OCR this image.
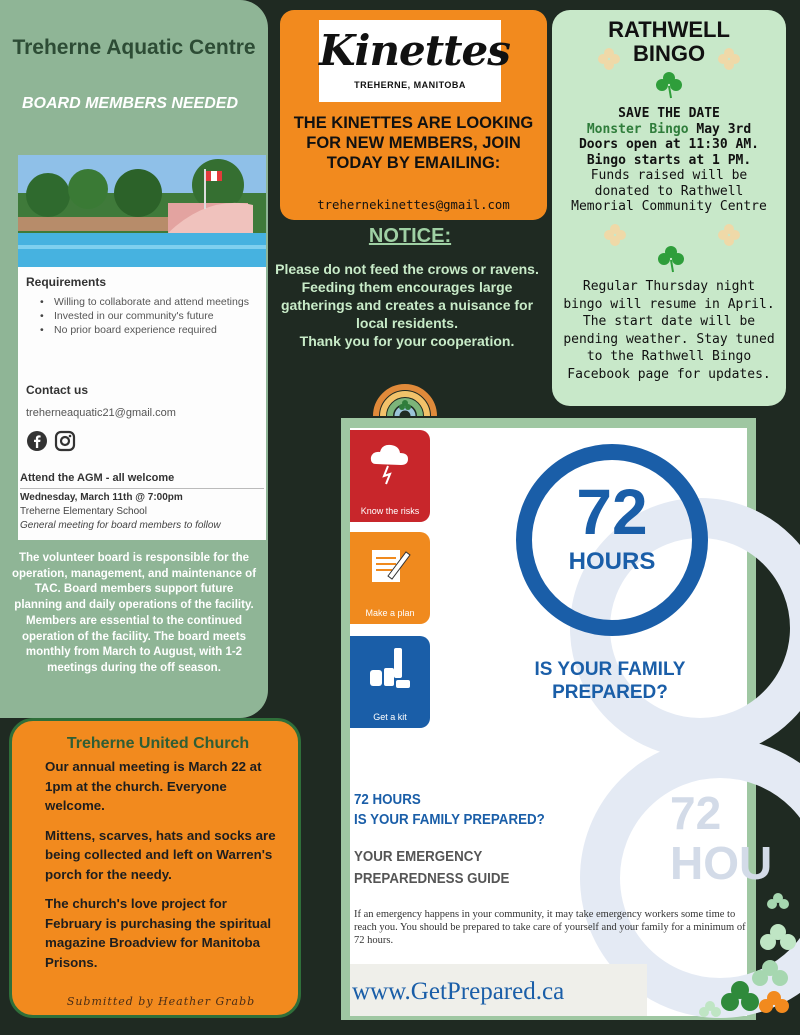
Treherne Aquatic Centre
BOARD MEMBERS NEEDED
Requirements
• Willing to collaborate and attend meetings
• Invested in our community's future
• No prior board experience required
Contact us
treherneaquatic21@gmail.com
Attend the AGM - all welcome
Wednesday, March 11th @ 7:00pm
Treherne Elementary School
General meeting for board members to follow
The volunteer board is responsible for the operation, management, and maintenance of TAC. Board members support future planning and daily operations of the facility. Members are essential to the continued operation of the facility. The board meets monthly from March to August, with 1-2 meetings during the off season.
Treherne United Church

Our annual meeting is March 22 at 1pm at the church. Everyone welcome.

Mittens, scarves, hats and socks are being collected and left on Warren's porch for the needy.

The church's love project for February is purchasing the spiritual magazine Broadview for Manitoba Prisons.

Submitted by Heather Grabb
Kinettes
TREHERNE, MANITOBA
THE KINETTES ARE LOOKING FOR NEW MEMBERS, JOIN TODAY BY EMAILING:
trehernekinettes@gmail.com
NOTICE:
Please do not feed the crows or ravens.
Feeding them encourages large gatherings and creates a nuisance for local residents.
Thank you for your cooperation.
RATHWELL BINGO
SAVE THE DATE
Monster Bingo May 3rd
Doors open at 11:30 AM.
Bingo starts at 1 PM.
Funds raised will be donated to Rathwell Memorial Community Centre
Regular Thursday night bingo will resume in April. The start date will be pending weather. Stay tuned to the Rathwell Bingo Facebook page for updates.
72 HOU
Know the risks
Make a plan
Get a kit
72
HOURS
IS YOUR FAMILY PREPARED?
72 HOURS
IS YOUR FAMILY PREPARED?
YOUR EMERGENCY
PREPAREDNESS GUIDE
If an emergency happens in your community, it may take emergency workers some time to reach you. You should be prepared to take care of yourself and your family for a minimum of 72 hours.
www.GetPrepared.ca
